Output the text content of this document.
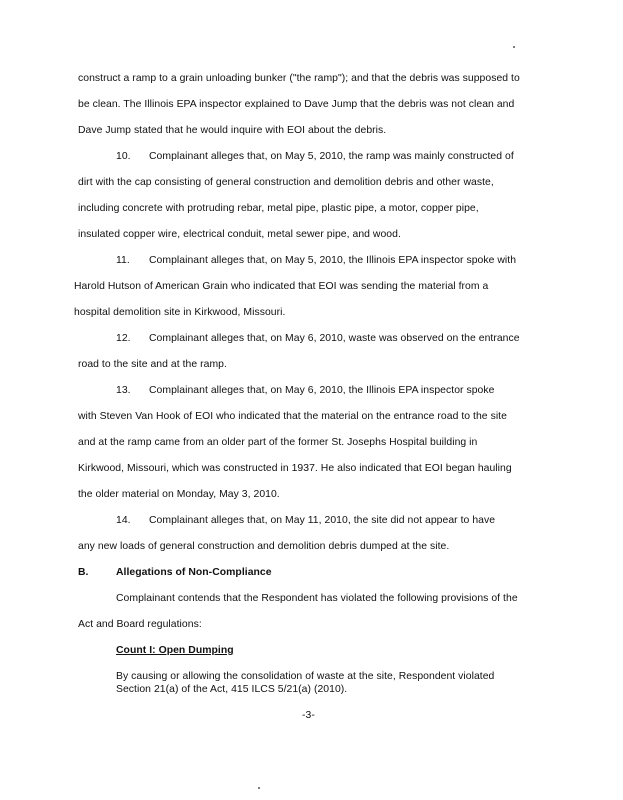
construct a ramp to a grain unloading bunker ("the ramp"); and that the debris was supposed to
be clean. The Illinois EPA inspector explained to Dave Jump that the debris was not clean and
Dave Jump stated that he would inquire with EOI about the debris.
10. Complainant alleges that, on May 5, 2010, the ramp was mainly constructed of
dirt with the cap consisting of general construction and demolition debris and other waste,
including concrete with protruding rebar, metal pipe, plastic pipe, a motor, copper pipe,
insulated copper wire, electrical conduit, metal sewer pipe, and wood.
11. Complainant alleges that, on May 5, 2010, the Illinois EPA inspector spoke with
Harold Hutson of American Grain who indicated that EOI was sending the material from a
hospital demolition site in Kirkwood, Missouri.
12. Complainant alleges that, on May 6, 2010, waste was observed on the entrance
road to the site and at the ramp.
13. Complainant alleges that, on May 6, 2010, the Illinois EPA inspector spoke
with Steven Van Hook of EOI who indicated that the material on the entrance road to the site
and at the ramp came from an older part of the former St. Josephs Hospital building in
Kirkwood, Missouri, which was constructed in 1937. He also indicated that EOI began hauling
the older material on Monday, May 3, 2010.
14. Complainant alleges that, on May 11, 2010, the site did not appear to have
any new loads of general construction and demolition debris dumped at the site.
B.	Allegations of Non-Compliance
Complainant contends that the Respondent has violated the following provisions of the
Act and Board regulations:
Count I: Open Dumping
By causing or allowing the consolidation of waste at the site, Respondent violated
Section 21(a) of the Act, 415 ILCS 5/21(a) (2010).
-3-
